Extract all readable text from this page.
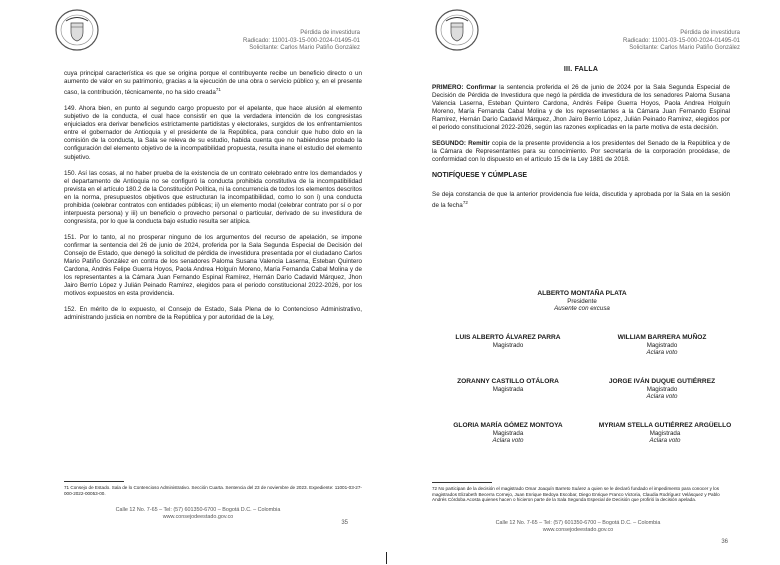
Pérdida de investidura
Radicado: 11001-03-15-000-2024-01495-01
Solicitante: Carlos Mario Patiño González

cuya principal característica es que se origina porque el contribuyente recibe un beneficio directo o un aumento de valor en su patrimonio, gracias a la ejecución de una obra o servicio público y, en el presente caso, la contribución, técnicamente, no ha sido creada$^{71}$

149. Ahora bien, en punto al segundo cargo propuesto por el apelante, que hace alusión al elemento subjetivo de la conducta, el cual hace consistir en que la verdadera intención de los congresistas enjuiciados era derivar beneficios estrictamente partidistas y electorales, surgidos de los enfrentamientos entre el gobernador de Antioquia y el presidente de la República, para concluir que hubo dolo en la comisión de la conducta, la Sala se releva de su estudio, habida cuenta que no habiéndose probado la configuración del elemento objetivo de la incompatibilidad propuesta, resulta inane el estudio del elemento subjetivo.

150. Así las cosas, al no haber prueba de la existencia de un contrato celebrado entre los demandados y el departamento de Antioquia no se configuró la conducta prohibida constitutiva de la incompatibilidad prevista en el artículo 180.2 de la Constitución Política, ni la concurrencia de todos los elementos descritos en la norma, presupuestos objetivos que estructuran la incompatibilidad, como lo son i) una conducta prohibida (celebrar contratos con entidades públicas; ii) un elemento modal (celebrar contrato por sí o por interpuesta persona) y iii) un beneficio o provecho personal o particular, derivado de su investidura de congresista, por lo que la conducta bajo estudio resulta ser atípica.

151. Por lo tanto, al no prosperar ninguno de los argumentos del recurso de apelación, se impone confirmar la sentencia del 26 de junio de 2024, proferida por la Sala Segunda Especial de Decisión del Consejo de Estado, que denegó la solicitud de pérdida de investidura presentada por el ciudadano Carlos Mario Patiño González en contra de los senadores Paloma Susana Valencia Laserna, Esteban Quintero Cardona, Andrés Felipe Guerra Hoyos, Paola Andrea Holguín Moreno, María Fernanda Cabal Molina y de los representantes a la Cámara Juan Fernando Espinal Ramírez, Hernán Darío Cadavid Márquez, Jhon Jairo Berrío López y Julián Peinado Ramírez, elegidos para el periodo constitucional 2022-2026, por los motivos expuestos en esta providencia.

152. En mérito de lo expuesto, el Consejo de Estado, Sala Plena de lo Contencioso Administrativo, administrando justicia en nombre de la República y por autoridad de la Ley,

71 Consejo de Estado. Sala de lo Contencioso Administrativo. Sección Cuarta. Sentencia del 23 de noviembre de 2023. Expediente: 11001-03-27-000-2022-00053-00.
Calle 12 No. 7-65 – Tel: (57) 601350-6700 – Bogotá D.C. – Colombia
www.consejodeestado.gov.co
35
Pérdida de investidura
Radicado: 11001-03-15-000-2024-01495-01
Solicitante: Carlos Mario Patiño González
III. FALLA

PRIMERO: Confirmar la sentencia proferida el 26 de junio de 2024 por la Sala Segunda Especial de Decisión de Pérdida de Investidura que negó la pérdida de investidura de los senadores Paloma Susana Valencia Laserna, Esteban Quintero Cardona, Andrés Felipe Guerra Hoyos, Paola Andrea Holguín Moreno, María Fernanda Cabal Molina y de los representantes a la Cámara Juan Fernando Espinal Ramírez, Hernán Darío Cadavid Márquez, Jhon Jairo Berrío López, Julián Peinado Ramírez, elegidos por el periodo constitucional 2022-2026, según las razones explicadas en la parte motiva de esta decisión.

SEGUNDO: Remitir copia de la presente providencia a los presidentes del Senado de la República y de la Cámara de Representantes para su conocimiento. Por secretaría de la corporación procédase, de conformidad con lo dispuesto en el artículo 15 de la Ley 1881 de 2018.

NOTIFÍQUESE Y CÚMPLASE

Se deja constancia de que la anterior providencia fue leída, discutida y aprobada por la Sala en la sesión de la fecha$^{72}$

ALBERTO MONTAÑA PLATA
Presidente
Ausente con excusa
LUIS ALBERTO ÁLVAREZ PARRA
Magistrado
WILLIAM BARRERA MUÑOZ
Magistrado
Aclara voto
ZORANNY CASTILLO OTÁLORA
Magistrada
JORGE IVÁN DUQUE GUTIÉRREZ
Magistrado
Aclara voto
GLORIA MARÍA GÓMEZ MONTOYA
Magistrada
Aclara voto
MYRIAM STELLA GUTIÉRREZ ARGÜELLO
Magistrada
Aclara voto
72 No participan de la decisión el magistrado Omar Joaquín Barreto Suárez a quien se le declaró fundado el impedimento para conocer y los magistrados Elizabeth Becerra Cornejo, Juan Enrique Bedoya Escobar, Diego Enrique Franco Victoria, Claudia Rodríguez Velásquez y Pablo Andrés Córdoba Acosta quienes hacen o hicieron parte de la Sala Segunda Especial de Decisión que profirió la decisión apelada.
Calle 12 No. 7-65 – Tel: (57) 601350-6700 – Bogotá D.C. – Colombia
www.consejodeestado.gov.co
36
